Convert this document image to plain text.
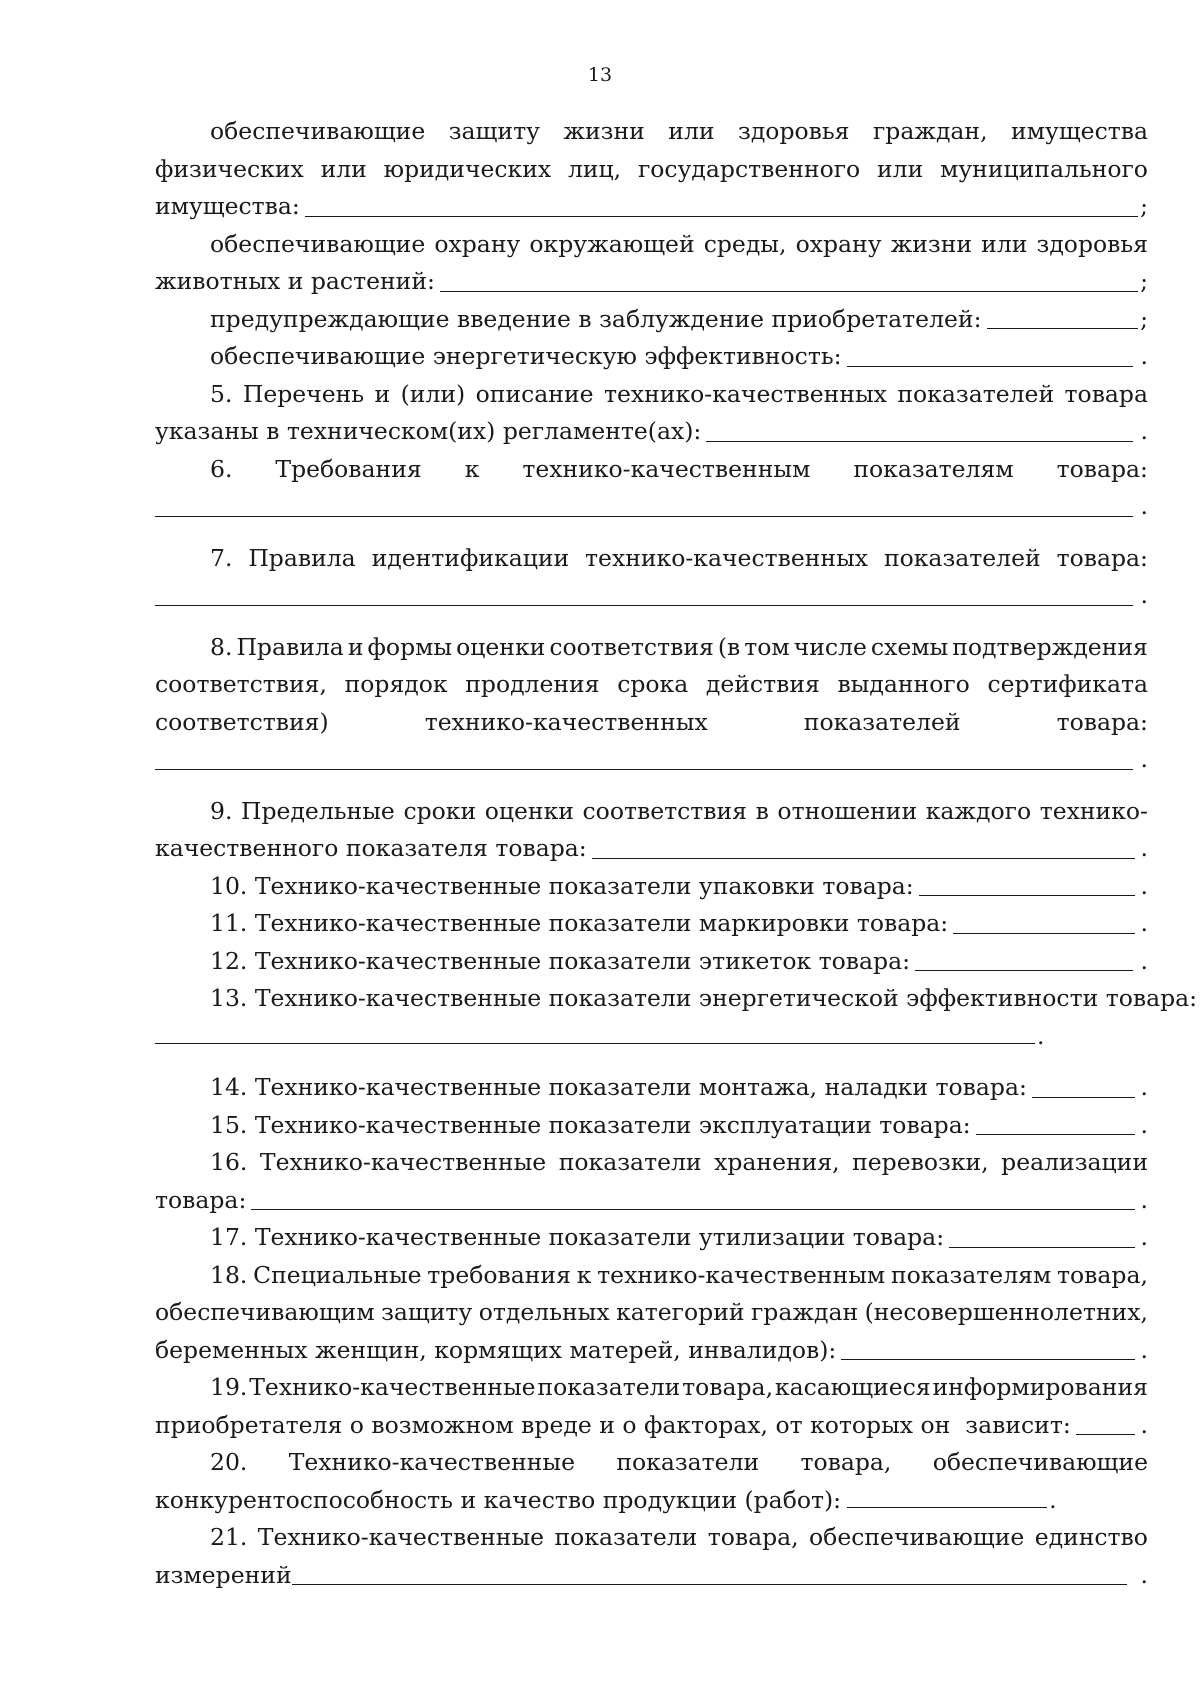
13
обеспечивающие защиту жизни или здоровья граждан, имущества
физических или юридических лиц, государственного или муниципального
имущества:	;
обеспечивающие охрану окружающей среды, охрану жизни или здоровья
животных и растений:	;
предупреждающие введение в заблуждение приобретателей:	;
обеспечивающие энергетическую эффективность:	.
5. Перечень и (или) описание технико-качественных показателей товара
указаны в техническом(их) регламенте(ах):	.
6. Требования к технико-качественным показателям товара:
.
7. Правила идентификации технико-качественных показателей товара:
.
8. Правила и формы оценки соответствия (в том числе схемы подтверждения
соответствия, порядок продления срока действия выданного сертификата
соответствия)	технико-качественных	показателей	товара:
.
9. Предельные сроки оценки соответствия в отношении каждого технико-
качественного показателя товара:	.
10. Технико-качественные показатели упаковки товара:	.
11. Технико-качественные показатели маркировки товара:	.
12. Технико-качественные показатели этикеток товара:	.
13. Технико-качественные показатели энергетической эффективности товара:
.
14. Технико-качественные показатели монтажа, наладки товара:	.
15. Технико-качественные показатели эксплуатации товара:	.
16. Технико-качественные показатели хранения, перевозки, реализации
товара:	.
17. Технико-качественные показатели утилизации товара:	.
18. Специальные требования к технико-качественным показателям товара,
обеспечивающим защиту отдельных категорий граждан (несовершеннолетних,
беременных женщин, кормящих матерей, инвалидов):	.
19. Технико-качественные показатели товара, касающиеся информирования
приобретателя о возможном вреде и о факторах, от которых он  зависит:	.
20. Технико-качественные показатели товара, обеспечивающие
конкурентоспособность и качество продукции (работ):	.
21. Технико-качественные показатели товара, обеспечивающие единство
измерений	.
